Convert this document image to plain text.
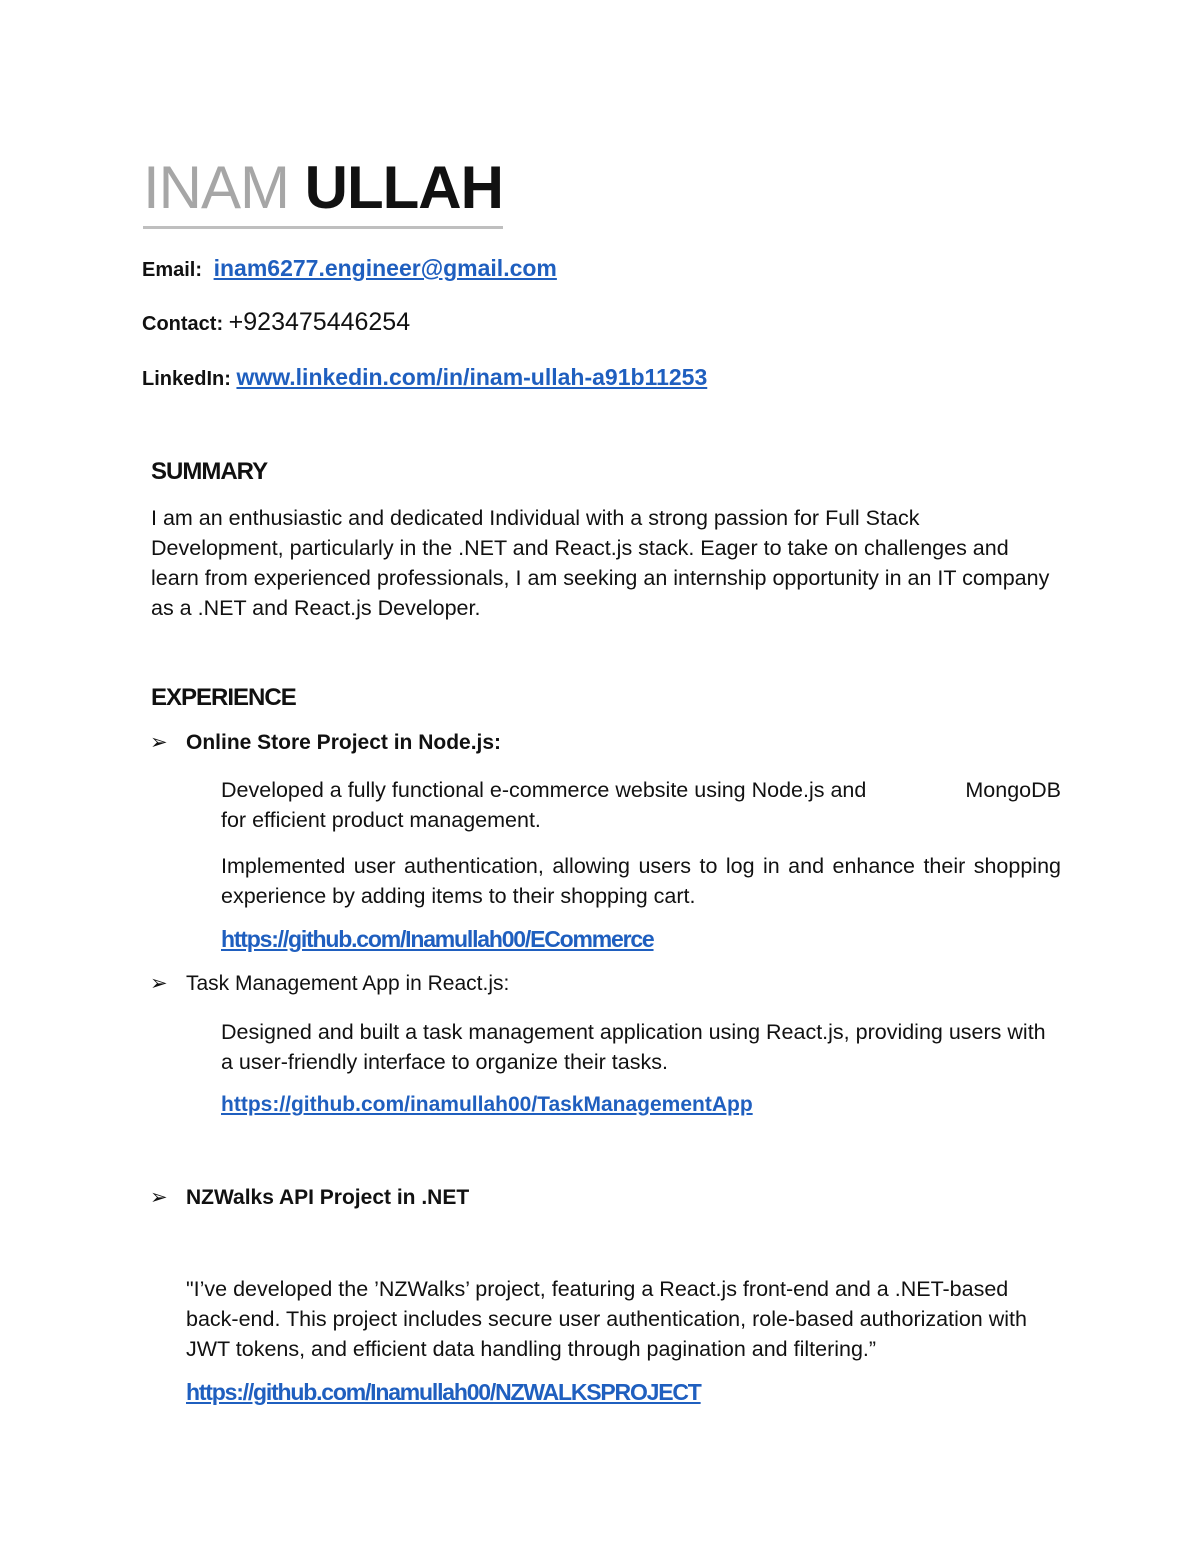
INAM ULLAH
Email: inam6277.engineer@gmail.com
Contact: +923475446254
LinkedIn: www.linkedin.com/in/inam-ullah-a91b11253
SUMMARY
I am an enthusiastic and dedicated Individual with a strong passion for Full Stack Development, particularly in the .NET and React.js stack. Eager to take on challenges and learn from experienced professionals, I am seeking an internship opportunity in an IT company as a .NET and React.js Developer.
EXPERIENCE
➢ Online Store Project in Node.js:
Developed a fully functional e-commerce website using Node.js and	MongoDB
for efficient product management.
Implemented user authentication, allowing users to log in and enhance their shopping experience by adding items to their shopping cart.
https://github.com/Inamullah00/ECommerce
➢ Task Management App in React.js:
Designed and built a task management application using React.js, providing users with a user-friendly interface to organize their tasks.
https://github.com/inamullah00/TaskManagementApp
➢ NZWalks API Project in .NET
"I’ve developed the ’NZWalks’ project, featuring a React.js front-end and a .NET-based back-end. This project includes secure user authentication, role-based authorization with JWT tokens, and efficient data handling through pagination and filtering.”
https://github.com/Inamullah00/NZWALKSPROJECT
